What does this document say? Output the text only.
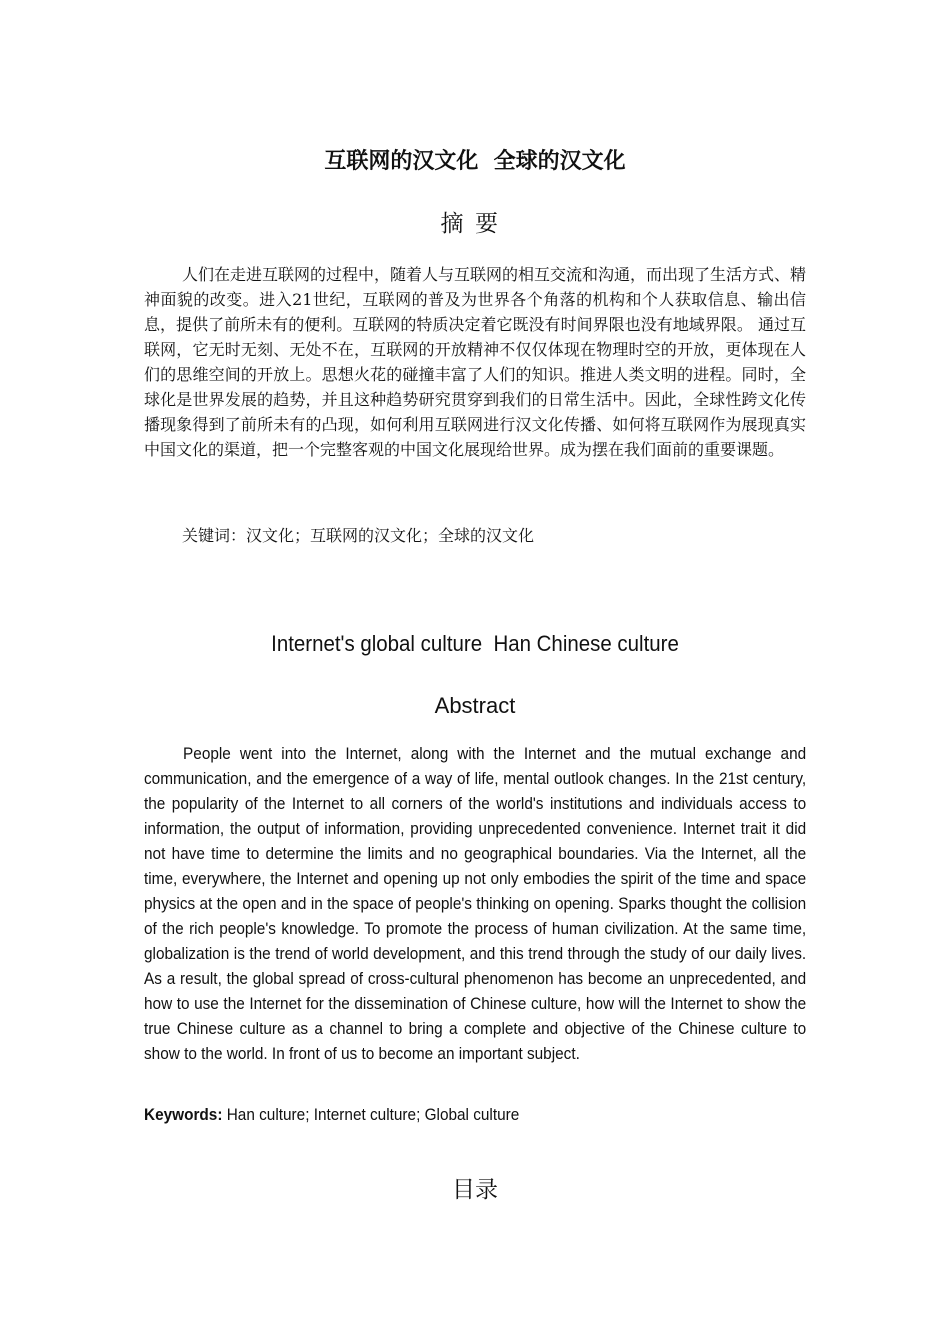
互联网的汉文化  全球的汉文化
摘要

人们在走进互联网的过程中，随着人与互联网的相互交流和沟通，而出现了生活方式、精神面貌的改变。进入21世纪，互联网的普及为世界各个角落的机构和个人获取信息、输出信息，提供了前所未有的便利。互联网的特质决定着它既没有时间界限也没有地域界限。 通过互联网，它无时无刻、无处不在，互联网的开放精神不仅仅体现在物理时空的开放，更体现在人们的思维空间的开放上。思想火花的碰撞丰富了人们的知识。推进人类文明的进程。同时，全球化是世界发展的趋势，并且这种趋势研究贯穿到我们的日常生活中。因此，全球性跨文化传播现象得到了前所未有的凸现，如何利用互联网进行汉文化传播、如何将互联网作为展现真实中国文化的渠道，把一个完整客观的中国文化展现给世界。成为摆在我们面前的重要课题。

关键词：汉文化；互联网的汉文化；全球的汉文化
Internet's global culture  Han Chinese culture
Abstract

People went into the Internet, along with the Internet and the mutual exchange and communication, and the emergence of a way of life, mental outlook changes. In the 21st century, the popularity of the Internet to all corners of the world's institutions and individuals access to information, the output of information, providing unprecedented convenience. Internet trait it did not have time to determine the limits and no geographical boundaries. Via the Internet, all the time, everywhere, the Internet and opening up not only embodies the spirit of the time and space physics at the open and in the space of people's thinking on opening. Sparks thought the collision of the rich people's knowledge. To promote the process of human civilization. At the same time, globalization is the trend of world development, and this trend through the study of our daily lives. As a result, the global spread of cross-cultural phenomenon has become an unprecedented, and how to use the Internet for the dissemination of Chinese culture, how will the Internet to show the true Chinese culture as a channel to bring a complete and objective of the Chinese culture to show to the world. In front of us to become an important subject.

Keywords: Han culture; Internet culture; Global culture
目录
